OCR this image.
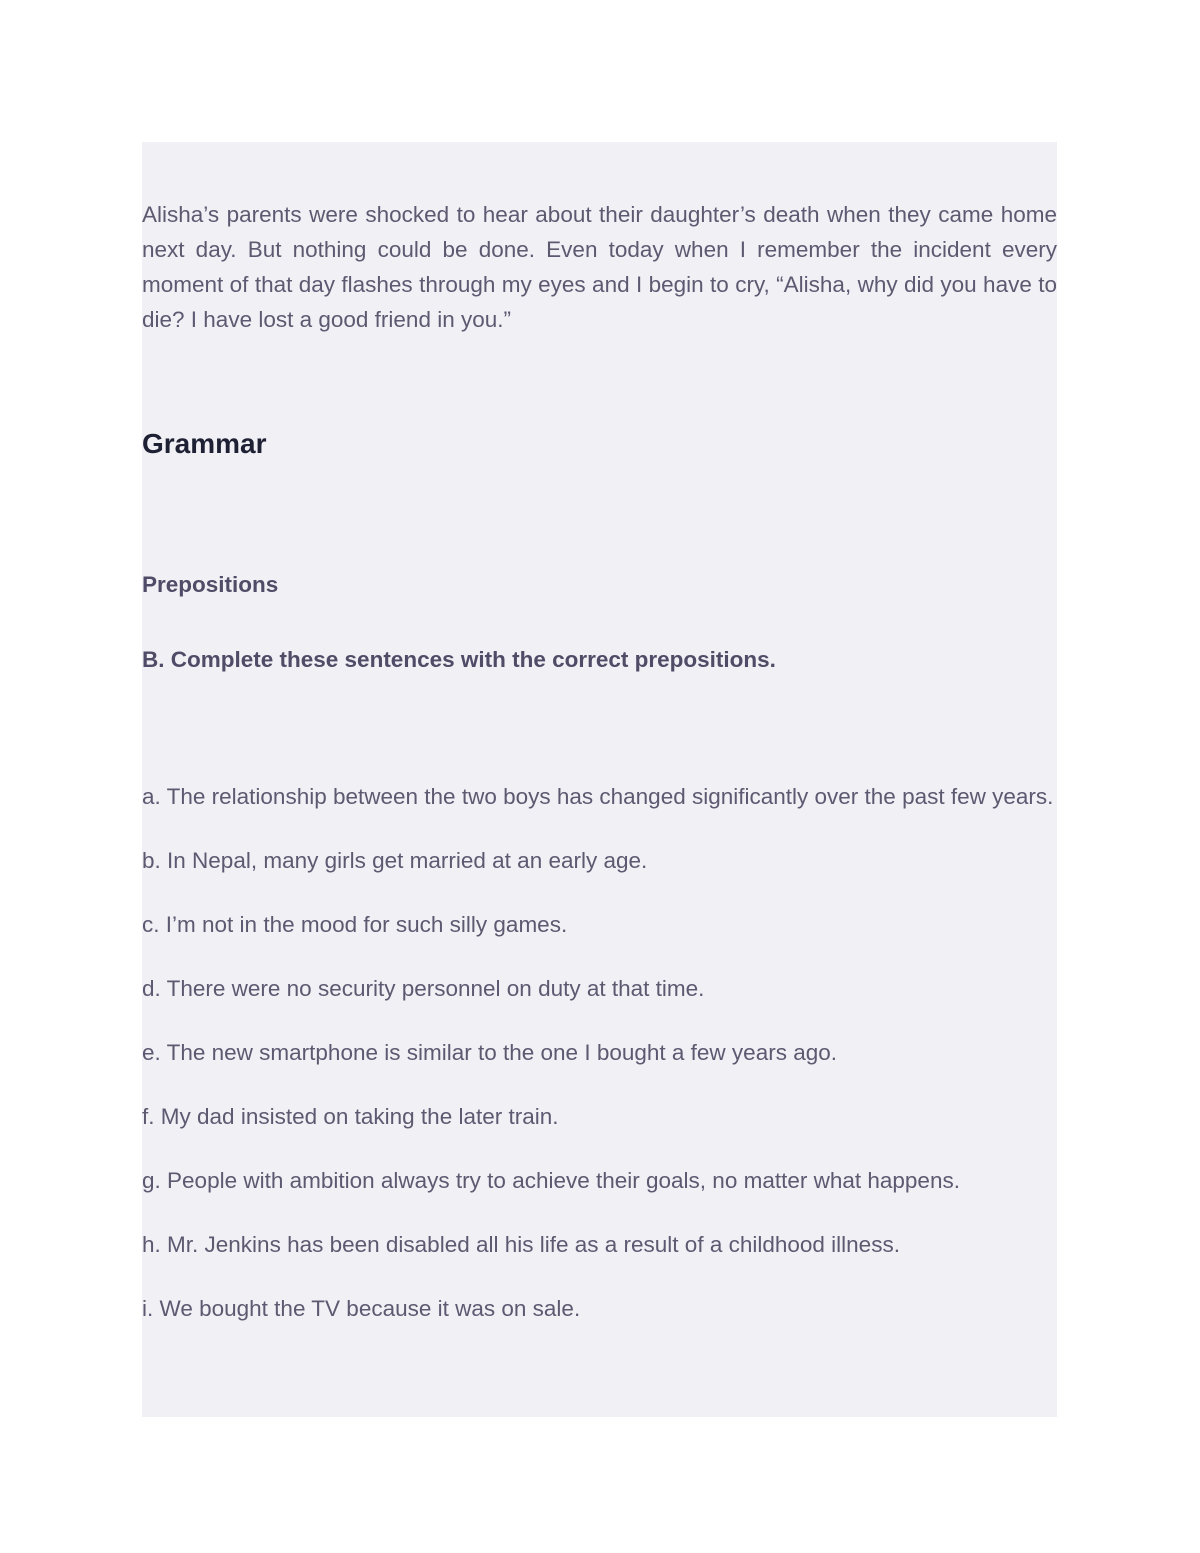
Alisha’s parents were shocked to hear about their daughter’s death when they came home next day. But nothing could be done. Even today when I remember the incident every moment of that day flashes through my eyes and I begin to cry, “Alisha, why did you have to die? I have lost a good friend in you.”

Grammar
Prepositions
B. Complete these sentences with the correct prepositions.
a. The relationship between the two boys has changed significantly over the past few years.
b. In Nepal, many girls get married at an early age.
c. I’m not in the mood for such silly games.
d. There were no security personnel on duty at that time.
e. The new smartphone is similar to the one I bought a few years ago.
f. My dad insisted on taking the later train.
g. People with ambition always try to achieve their goals, no matter what happens.
h. Mr. Jenkins has been disabled all his life as a result of a childhood illness.
i. We bought the TV because it was on sale.
